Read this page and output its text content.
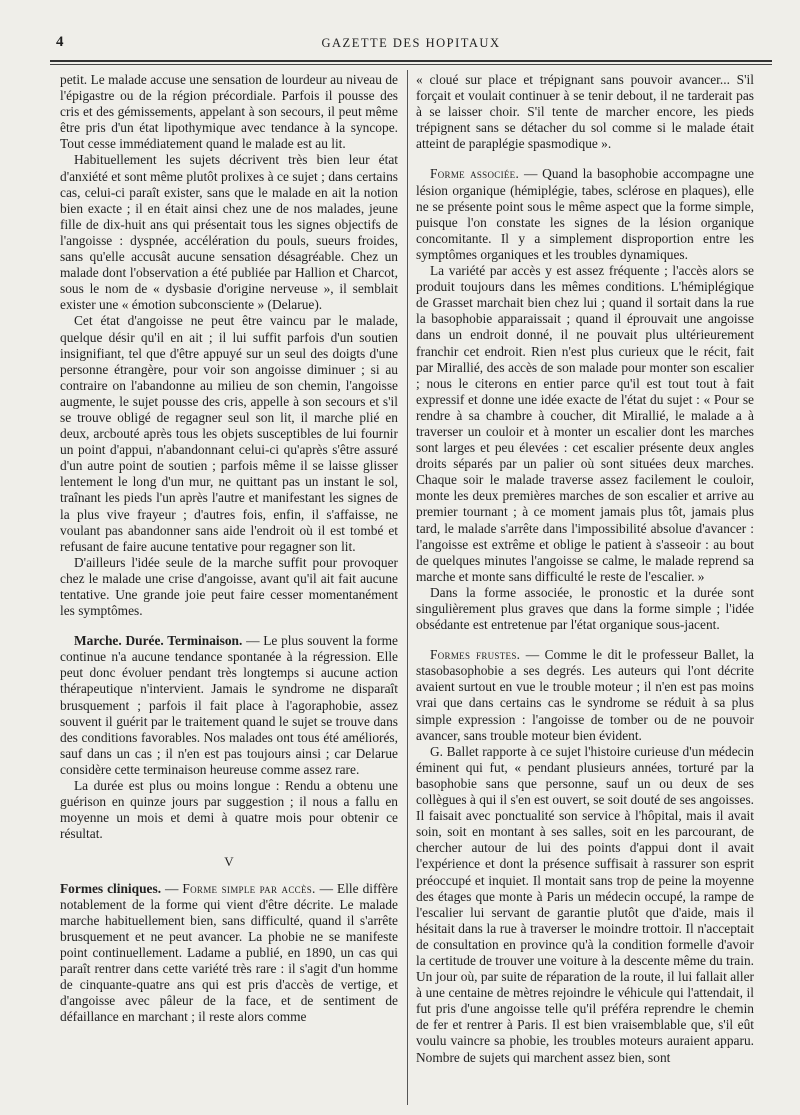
4	GAZETTE DES HOPITAUX

petit. Le malade accuse une sensation de lourdeur au niveau de l'épigastre ou de la région précordiale. Parfois il pousse des cris et des gémissements, appelant à son secours, il peut même être pris d'un état lipothymique avec tendance à la syncope. Tout cesse immédiatement quand le malade est au lit.

Habituellement les sujets décrivent très bien leur état d'anxiété et sont même plutôt prolixes à ce sujet ; dans certains cas, celui-ci paraît exister, sans que le malade en ait la notion bien exacte ; il en était ainsi chez une de nos malades, jeune fille de dix-huit ans qui présentait tous les signes objectifs de l'angoisse : dyspnée, accélération du pouls, sueurs froides, sans qu'elle accusât aucune sensation désagréable. Chez un malade dont l'observation a été publiée par Hallion et Charcot, sous le nom de « dysbasie d'origine nerveuse », il semblait exister une « émotion subconsciente » (Delarue).

Cet état d'angoisse ne peut être vaincu par le malade, quelque désir qu'il en ait ; il lui suffit parfois d'un soutien insignifiant, tel que d'être appuyé sur un seul des doigts d'une personne étrangère, pour voir son angoisse diminuer ; si au contraire on l'abandonne au milieu de son chemin, l'angoisse augmente, le sujet pousse des cris, appelle à son secours et s'il se trouve obligé de regagner seul son lit, il marche plié en deux, arcbouté après tous les objets susceptibles de lui fournir un point d'appui, n'abandonnant celui-ci qu'après s'être assuré d'un autre point de soutien ; parfois même il se laisse glisser lentement le long d'un mur, ne quittant pas un instant le sol, traînant les pieds l'un après l'autre et manifestant les signes de la plus vive frayeur ; d'autres fois, enfin, il s'affaisse, ne voulant pas abandonner sans aide l'endroit où il est tombé et refusant de faire aucune tentative pour regagner son lit.

D'ailleurs l'idée seule de la marche suffit pour provoquer chez le malade une crise d'angoisse, avant qu'il ait fait aucune tentative. Une grande joie peut faire cesser momentanément les symptômes.

Marche. Durée. Terminaison. — Le plus souvent la forme continue n'a aucune tendance spontanée à la régression. Elle peut donc évoluer pendant très longtemps si aucune action thérapeutique n'intervient. Jamais le syndrome ne disparaît brusquement ; parfois il fait place à l'agoraphobie, assez souvent il guérit par le traitement quand le sujet se trouve dans des conditions favorables. Nos malades ont tous été améliorés, sauf dans un cas ; il n'en est pas toujours ainsi ; car Delarue considère cette terminaison heureuse comme assez rare.

La durée est plus ou moins longue : Rendu a obtenu une guérison en quinze jours par suggestion ; il nous a fallu en moyenne un mois et demi à quatre mois pour obtenir ce résultat.

V

Formes cliniques. — Forme simple par accès. — Elle diffère notablement de la forme qui vient d'être décrite. Le malade marche habituellement bien, sans difficulté, quand il s'arrête brusquement et ne peut avancer. La phobie ne se manifeste point continuellement. Ladame a publié, en 1890, un cas qui paraît rentrer dans cette variété très rare : il s'agit d'un homme de cinquante-quatre ans qui est pris d'accès de vertige, et d'angoisse avec pâleur de la face, et de sentiment de défaillance en marchant ; il reste alors comme

« cloué sur place et trépignant sans pouvoir avancer... S'il forçait et voulait continuer à se tenir debout, il ne tarderait pas à se laisser choir. S'il tente de marcher encore, les pieds trépignent sans se détacher du sol comme si le malade était atteint de paraplégie spasmodique ».

Forme associée. — Quand la basophobie accompagne une lésion organique (hémiplégie, tabes, sclérose en plaques), elle ne se présente point sous le même aspect que la forme simple, puisque l'on constate les signes de la lésion organique concomitante. Il y a simplement disproportion entre les symptômes organiques et les troubles dynamiques.

La variété par accès y est assez fréquente ; l'accès alors se produit toujours dans les mêmes conditions. L'hémiplégique de Grasset marchait bien chez lui ; quand il sortait dans la rue la basophobie apparaissait ; quand il éprouvait une angoisse dans un endroit donné, il ne pouvait plus ultérieurement franchir cet endroit. Rien n'est plus curieux que le récit, fait par Mirallié, des accès de son malade pour monter son escalier ; nous le citerons en entier parce qu'il est tout tout à fait expressif et donne une idée exacte de l'état du sujet : « Pour se rendre à sa chambre à coucher, dit Mirallié, le malade a à traverser un couloir et à monter un escalier dont les marches sont larges et peu élevées : cet escalier présente deux angles droits séparés par un palier où sont situées deux marches. Chaque soir le malade traverse assez facilement le couloir, monte les deux premières marches de son escalier et arrive au premier tournant ; à ce moment jamais plus tôt, jamais plus tard, le malade s'arrête dans l'impossibilité absolue d'avancer : l'angoisse est extrême et oblige le patient à s'asseoir : au bout de quelques minutes l'angoisse se calme, le malade reprend sa marche et monte sans difficulté le reste de l'escalier. »

Dans la forme associée, le pronostic et la durée sont singulièrement plus graves que dans la forme simple ; l'idée obsédante est entretenue par l'état organique sous-jacent.

Formes frustes. — Comme le dit le professeur Ballet, la stasobasophobie a ses degrés. Les auteurs qui l'ont décrite avaient surtout en vue le trouble moteur ; il n'en est pas moins vrai que dans certains cas le syndrome se réduit à sa plus simple expression : l'angoisse de tomber ou de ne pouvoir avancer, sans trouble moteur bien évident.

G. Ballet rapporte à ce sujet l'histoire curieuse d'un médecin éminent qui fut, « pendant plusieurs années, torturé par la basophobie sans que personne, sauf un ou deux de ses collègues à qui il s'en est ouvert, se soit douté de ses angoisses. Il faisait avec ponctualité son service à l'hôpital, mais il avait soin, soit en montant à ses salles, soit en les parcourant, de chercher autour de lui des points d'appui dont il avait l'expérience et dont la présence suffisait à rassurer son esprit préoccupé et inquiet. Il montait sans trop de peine la moyenne des étages que monte à Paris un médecin occupé, la rampe de l'escalier lui servant de garantie plutôt que d'aide, mais il hésitait dans la rue à traverser le moindre trottoir. Il n'acceptait de consultation en province qu'à la condition formelle d'avoir la certitude de trouver une voiture à la descente même du train. Un jour où, par suite de réparation de la route, il lui fallait aller à une centaine de mètres rejoindre le véhicule qui l'attendait, il fut pris d'une angoisse telle qu'il préféra reprendre le chemin de fer et rentrer à Paris. Il est bien vraisemblable que, s'il eût voulu vaincre sa phobie, les troubles moteurs auraient apparu. Nombre de sujets qui marchent assez bien, sont
